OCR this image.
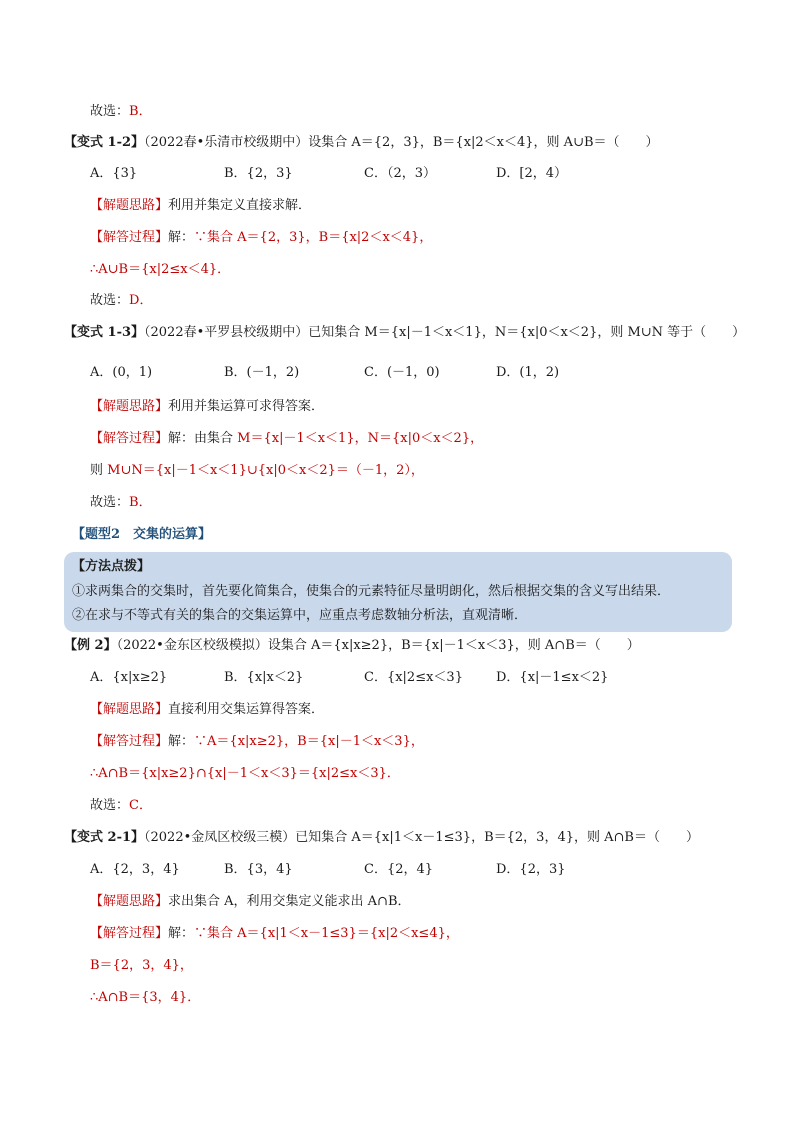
故选：B．
【变式 1-2】（2022春•乐清市校级期中）设集合 A＝{2，3}，B＝{x|2＜x＜4}，则 A∪B＝（　　）
A．{3}	B．{2，3}	C．（2，3）	D．[2，4）
【解题思路】利用并集定义直接求解．
【解答过程】解：∵集合 A＝{2，3}，B＝{x|2＜x＜4}，
∴A∪B＝{x|2≤x＜4}．
故选：D．
【变式 1-3】（2022春•平罗县校级期中）已知集合 M＝{x|－1＜x＜1}，N＝{x|0＜x＜2}，则 M∪N 等于（　　）
A．(0，1)	B．(－1，2)	C．(－1，0)	D．(1，2)
【解题思路】利用并集运算可求得答案．
【解答过程】解：由集合 M＝{x|－1＜x＜1}，N＝{x|0＜x＜2}，
则 M∪N＝{x|－1＜x＜1}∪{x|0＜x＜2}＝（－1，2），
故选：B．
【题型2　交集的运算】
【方法点拨】
①求两集合的交集时，首先要化简集合，使集合的元素特征尽量明朗化，然后根据交集的含义写出结果．
②在求与不等式有关的集合的交集运算中，应重点考虑数轴分析法，直观清晰．
【例 2】（2022•金东区校级模拟）设集合 A＝{x|x≥2}，B＝{x|－1＜x＜3}，则 A∩B＝（　　）
A．{x|x≥2}	B．{x|x＜2}	C．{x|2≤x＜3}	D．{x|－1≤x＜2}
【解题思路】直接利用交集运算得答案．
【解答过程】解：∵A＝{x|x≥2}，B＝{x|－1＜x＜3}，
∴A∩B＝{x|x≥2}∩{x|－1＜x＜3}＝{x|2≤x＜3}．
故选：C．
【变式 2-1】（2022•金凤区校级三模）已知集合 A＝{x|1＜x－1≤3}，B＝{2，3，4}，则 A∩B＝（　　）
A．{2，3，4}	B．{3，4}	C．{2，4}	D．{2，3}
【解题思路】求出集合 A，利用交集定义能求出 A∩B．
【解答过程】解：∵集合 A＝{x|1＜x－1≤3}＝{x|2＜x≤4}，
B＝{2，3，4}，
∴A∩B＝{3，4}．
